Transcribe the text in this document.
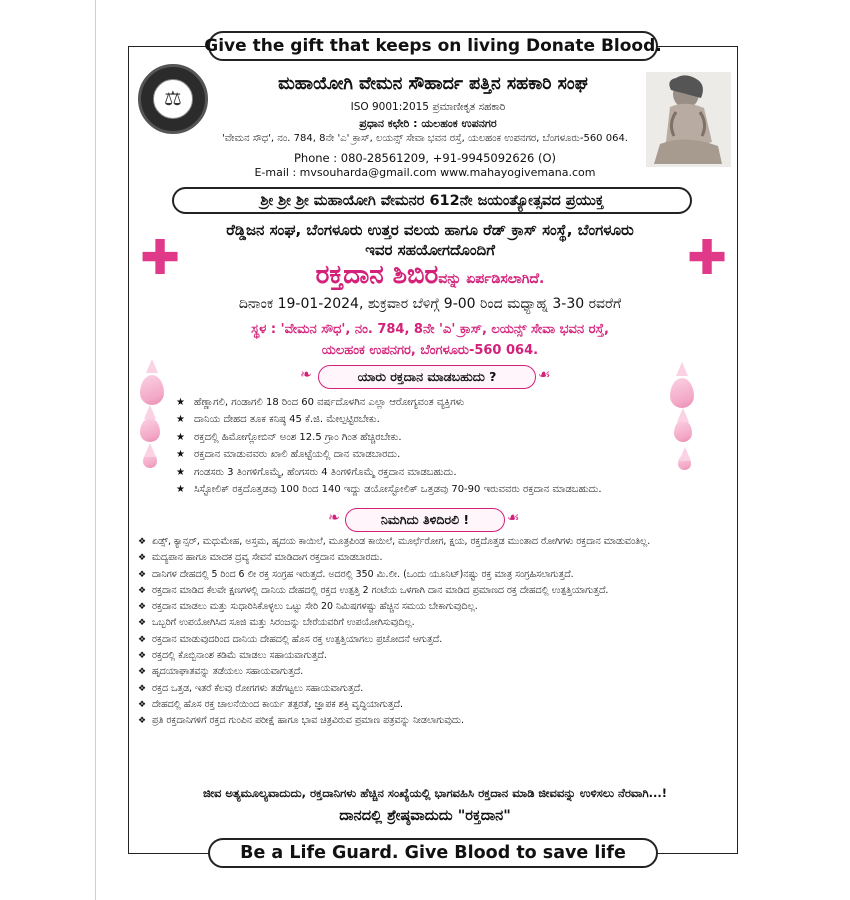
Give the gift that keeps on living Donate Blood.
⚖
ಮಹಾಯೋಗಿ ವೇಮನ ಸೌಹಾರ್ದ ಪತ್ತಿನ ಸಹಕಾರಿ ಸಂಘ
ISO 9001:2015 ಪ್ರಮಾಣೀಕೃತ ಸಹಕಾರಿ
ಪ್ರಧಾನ ಕಛೇರಿ : ಯಲಹಂಕ ಉಪನಗರ
'ವೇಮನ ಸೌಧ', ನಂ. 784, 8ನೇ 'ಎ' ಕ್ರಾಸ್, ಲಯನ್ಸ್ ಸೇವಾ ಭವನ ರಸ್ತೆ, ಯಲಹಂಕ ಉಪನಗರ, ಬೆಂಗಳೂರು-560 064.
Phone : 080-28561209, +91-9945092626 (O)
E-mail : mvsouharda@gmail.com www.mahayogivemana.com
ಶ್ರೀ ಶ್ರೀ ಶ್ರೀ ಮಹಾಯೋಗಿ ವೇಮನರ 612ನೇ ಜಯಂತ್ಯೋತ್ಸವದ ಪ್ರಯುಕ್ತ
✚	✚
ರೆಡ್ಡಿಜನ ಸಂಘ, ಬೆಂಗಳೂರು ಉತ್ತರ ವಲಯ ಹಾಗೂ ರೆಡ್ ಕ್ರಾಸ್ ಸಂಸ್ಥೆ, ಬೆಂಗಳೂರು
ಇವರ ಸಹಯೋಗದೊಂದಿಗೆ
ರಕ್ತದಾನ ಶಿಬಿರವನ್ನು ಏರ್ಪಡಿಸಲಾಗಿದೆ.
ದಿನಾಂಕ 19-01-2024, ಶುಕ್ರವಾರ ಬೆಳಿಗ್ಗೆ 9-00 ರಿಂದ ಮಧ್ಯಾಹ್ನ 3-30 ರವರೆಗೆ
ಸ್ಥಳ : 'ವೇಮನ ಸೌಧ', ನಂ. 784, 8ನೇ 'ಎ' ಕ್ರಾಸ್, ಲಯನ್ಸ್ ಸೇವಾ ಭವನ ರಸ್ತೆ,
ಯಲಹಂಕ ಉಪನಗರ, ಬೆಂಗಳೂರು-560 064.
❧	ಯಾರು ರಕ್ತದಾನ ಮಾಡಬಹುದು ?	☙
★ ಹೆಣ್ಣಾಗಲಿ, ಗಂಡಾಗಲಿ 18 ರಿಂದ 60 ವರ್ಷದೊಳಗಿನ ಎಲ್ಲಾ ಆರೋಗ್ಯವಂತ ವ್ಯಕ್ತಿಗಳು
★ ದಾನಿಯ ದೇಹದ ತೂಕ ಕನಿಷ್ಠ 45 ಕೆ.ಜಿ. ಮೇಲ್ಪಟ್ಟಿರಬೇಕು.
★ ರಕ್ತದಲ್ಲಿ ಹಿಮೋಗ್ಲೋಬಿನ್ ಅಂಶ 12.5 ಗ್ರಾಂ ಗಿಂತ ಹೆಚ್ಚಿರಬೇಕು.
★ ರಕ್ತದಾನ ಮಾಡುವವರು ಖಾಲಿ ಹೊಟ್ಟೆಯಲ್ಲಿ ದಾನ ಮಾಡಬಾರದು.
★ ಗಂಡಸರು 3 ತಿಂಗಳಿಗೊಮ್ಮೆ, ಹೆಂಗಸರು 4 ತಿಂಗಳಿಗೊಮ್ಮೆ ರಕ್ತದಾನ ಮಾಡಬಹುದು.
★ ಸಿಸ್ಟೋಲಿಕ್ ರಕ್ತದೊತ್ತಡವು 100 ರಿಂದ 140 ಇದ್ದು ಡಯೋಸ್ಟೋಲಿಕ್ ಒತ್ತಡವು 70-90 ಇರುವವರು ರಕ್ತದಾನ ಮಾಡಬಹುದು.
❧	ನಿಮಗಿದು ತಿಳಿದಿರಲಿ !	☙
❖ ಏಡ್ಸ್, ಕ್ಯಾನ್ಸರ್, ಮಧುಮೇಹ, ಅಸ್ತಮ, ಹೃದಯ ಕಾಯಿಲೆ, ಮೂತ್ರಪಿಂಡ ಕಾಯಿಲೆ, ಮೂರ್ಛೆರೋಗ, ಕ್ಷಯ, ರಕ್ತದೊತ್ತಡ ಮುಂತಾದ ರೋಗಿಗಳು ರಕ್ತದಾನ ಮಾಡುವಂತಿಲ್ಲ.
❖ ಮದ್ಯಪಾನ ಹಾಗೂ ಮಾದಕ ದ್ರವ್ಯ ಸೇವನೆ ಮಾಡಿದಾಗ ರಕ್ತದಾನ ಮಾಡಬಾರದು.
❖ ದಾನಿಗಳ ದೇಹದಲ್ಲಿ 5 ರಿಂದ 6 ಲೀ ರಕ್ತ ಸಂಗ್ರಹ ಇರುತ್ತದೆ. ಅದರಲ್ಲಿ 350 ಮಿ.ಲೀ. (ಒಂದು ಯೂನಿಟ್)ನಷ್ಟು ರಕ್ತ ಮಾತ್ರ ಸಂಗ್ರಹಿಸಲಾಗುತ್ತದೆ.
❖ ರಕ್ತದಾನ ಮಾಡಿದ ಕೆಲವೇ ಕ್ಷಣಗಳಲ್ಲಿ ದಾನಿಯ ದೇಹದಲ್ಲಿ ರಕ್ತದ ಉತ್ಪತ್ತಿ 2 ಗಂಟೆಯ ಒಳಗಾಗಿ ದಾನ ಮಾಡಿದ ಪ್ರಮಾಣದ ರಕ್ತ ದೇಹದಲ್ಲಿ ಉತ್ಪತ್ತಿಯಾಗುತ್ತದೆ.
❖ ರಕ್ತದಾನ ಮಾಡಲು ಮತ್ತು ಸುಧಾರಿಸಿಕೊಳ್ಳಲು ಒಟ್ಟು ಸೇರಿ 20 ನಿಮಿಷಗಳಷ್ಟು ಹೆಚ್ಚಿನ ಸಮಯ ಬೇಕಾಗುವುದಿಲ್ಲ.
❖ ಒಬ್ಬರಿಗೆ ಉಪಯೋಗಿಸಿದ ಸೂಜಿ ಮತ್ತು ಸಿರಂಜನ್ನು ಬೇರೆಯವರಿಗೆ ಉಪಯೋಗಿಸುವುದಿಲ್ಲ.
❖ ರಕ್ತದಾನ ಮಾಡುವುದರಿಂದ ದಾನಿಯ ದೇಹದಲ್ಲಿ ಹೊಸ ರಕ್ತ ಉತ್ಪತ್ತಿಯಾಗಲು ಪ್ರಚೋದನೆ ಆಗುತ್ತದೆ.
❖ ರಕ್ತದಲ್ಲಿ ಕೊಬ್ಬಿನಾಂಶ ಕಡಿಮೆ ಮಾಡಲು ಸಹಾಯವಾಗುತ್ತದೆ.
❖ ಹೃದಯಾಘಾತವನ್ನು ತಡೆಯಲು ಸಹಾಯವಾಗುತ್ತದೆ.
❖ ರಕ್ತದ ಒತ್ತಡ, ಇತರೆ ಕೆಲವು ರೋಗಗಳು ತಡೆಗಟ್ಟಲು ಸಹಾಯವಾಗುತ್ತದೆ.
❖ ದೇಹದಲ್ಲಿ ಹೊಸ ರಕ್ತ ಚಾಲನೆಯಿಂದ ಕಾರ್ಯ ತತ್ಪರತೆ, ಜ್ಞಾಪಕ ಶಕ್ತಿ ವೃದ್ಧಿಯಾಗುತ್ತದೆ.
❖ ಪ್ರತಿ ರಕ್ತದಾನಿಗಳಿಗೆ ರಕ್ತದ ಗುಂಪಿನ ಪರೀಕ್ಷೆ ಹಾಗೂ ಭಾವ ಚಿತ್ರವಿರುವ ಪ್ರಮಾಣ ಪತ್ರವನ್ನು ನೀಡಲಾಗುವುದು.
ಜೀವ ಅತ್ಯಮೂಲ್ಯವಾದುದು, ರಕ್ತದಾನಿಗಳು ಹೆಚ್ಚಿನ ಸಂಖ್ಯೆಯಲ್ಲಿ ಭಾಗವಹಿಸಿ ರಕ್ತದಾನ ಮಾಡಿ ಜೀವವನ್ನು ಉಳಿಸಲು ನೆರವಾಗಿ...!
ದಾನದಲ್ಲಿ ಶ್ರೇಷ್ಠವಾದುದು "ರಕ್ತದಾನ"
Be a Life Guard. Give Blood to save life
